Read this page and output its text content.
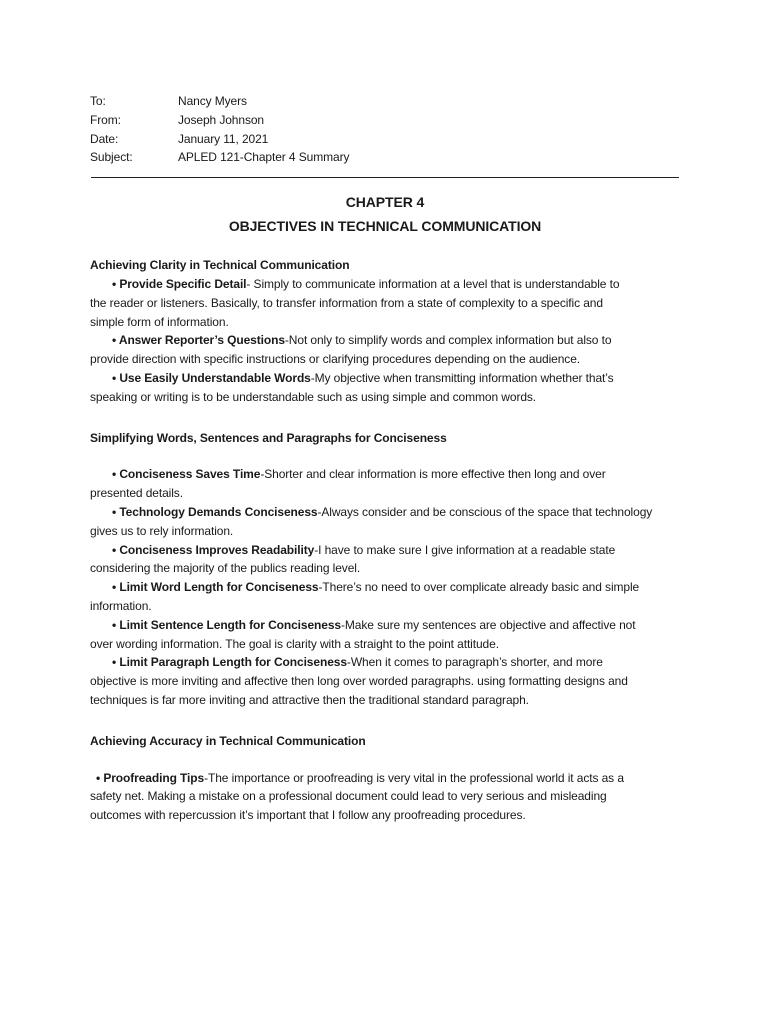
To:	Nancy Myers
From:	Joseph Johnson
Date:	January 11, 2021
Subject:	APLED 121-Chapter 4 Summary
CHAPTER 4
OBJECTIVES IN TECHNICAL COMMUNICATION
Achieving Clarity in Technical Communication
• Provide Specific Detail- Simply to communicate information at a level that is understandable to
the reader or listeners. Basically, to transfer information from a state of complexity to a specific and
simple form of information.
• Answer Reporter’s Questions-Not only to simplify words and complex information but also to
provide direction with specific instructions or clarifying procedures depending on the audience.
• Use Easily Understandable Words-My objective when transmitting information whether that’s
speaking or writing is to be understandable such as using simple and common words.
Simplifying Words, Sentences and Paragraphs for Conciseness
• Conciseness Saves Time-Shorter and clear information is more effective then long and over
presented details.
• Technology Demands Conciseness-Always consider and be conscious of the space that technology
gives us to rely information.
• Conciseness Improves Readability-I have to make sure I give information at a readable state
considering the majority of the publics reading level.
• Limit Word Length for Conciseness-There’s no need to over complicate already basic and simple
information.
• Limit Sentence Length for Conciseness-Make sure my sentences are objective and affective not
over wording information. The goal is clarity with a straight to the point attitude.
• Limit Paragraph Length for Conciseness-When it comes to paragraph’s shorter, and more
objective is more inviting and affective then long over worded paragraphs. using formatting designs and
techniques is far more inviting and attractive then the traditional standard paragraph.
Achieving Accuracy in Technical Communication
• Proofreading Tips-The importance or proofreading is very vital in the professional world it acts as a
safety net. Making a mistake on a professional document could lead to very serious and misleading
outcomes with repercussion it’s important that I follow any proofreading procedures.
